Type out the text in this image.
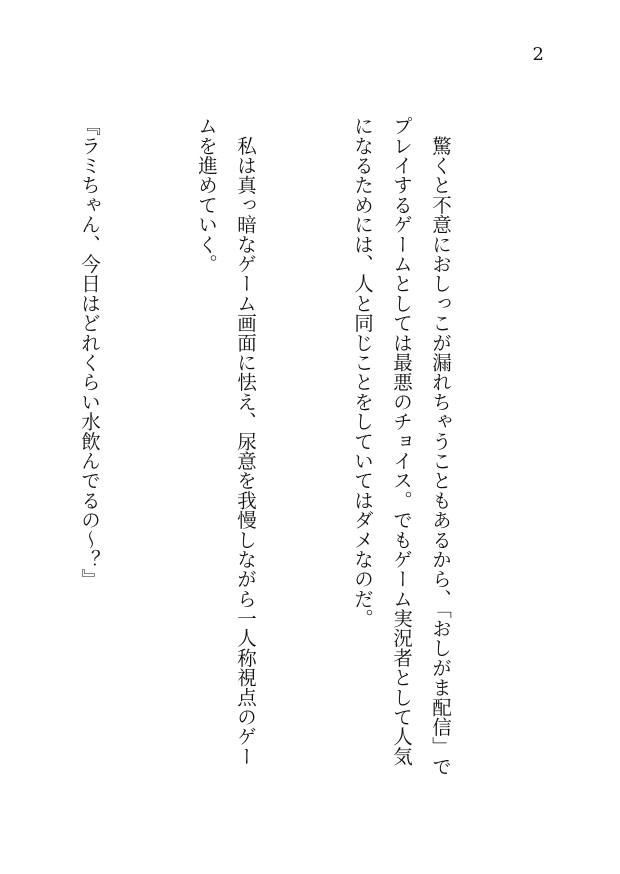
2

　驚くと不意におしっこが漏れちゃうこともあるから、「おしがま配信」でプレイするゲームとしては最悪のチョイス。でもゲーム実況者として人気になるためには、人と同じことをしていてはダメなのだ。

　私は真っ暗なゲーム画面に怯え、尿意を我慢しながら一人称視点のゲームを進めていく。

『ラミちゃん、今日はどれくらい水飲んでるの～？』
